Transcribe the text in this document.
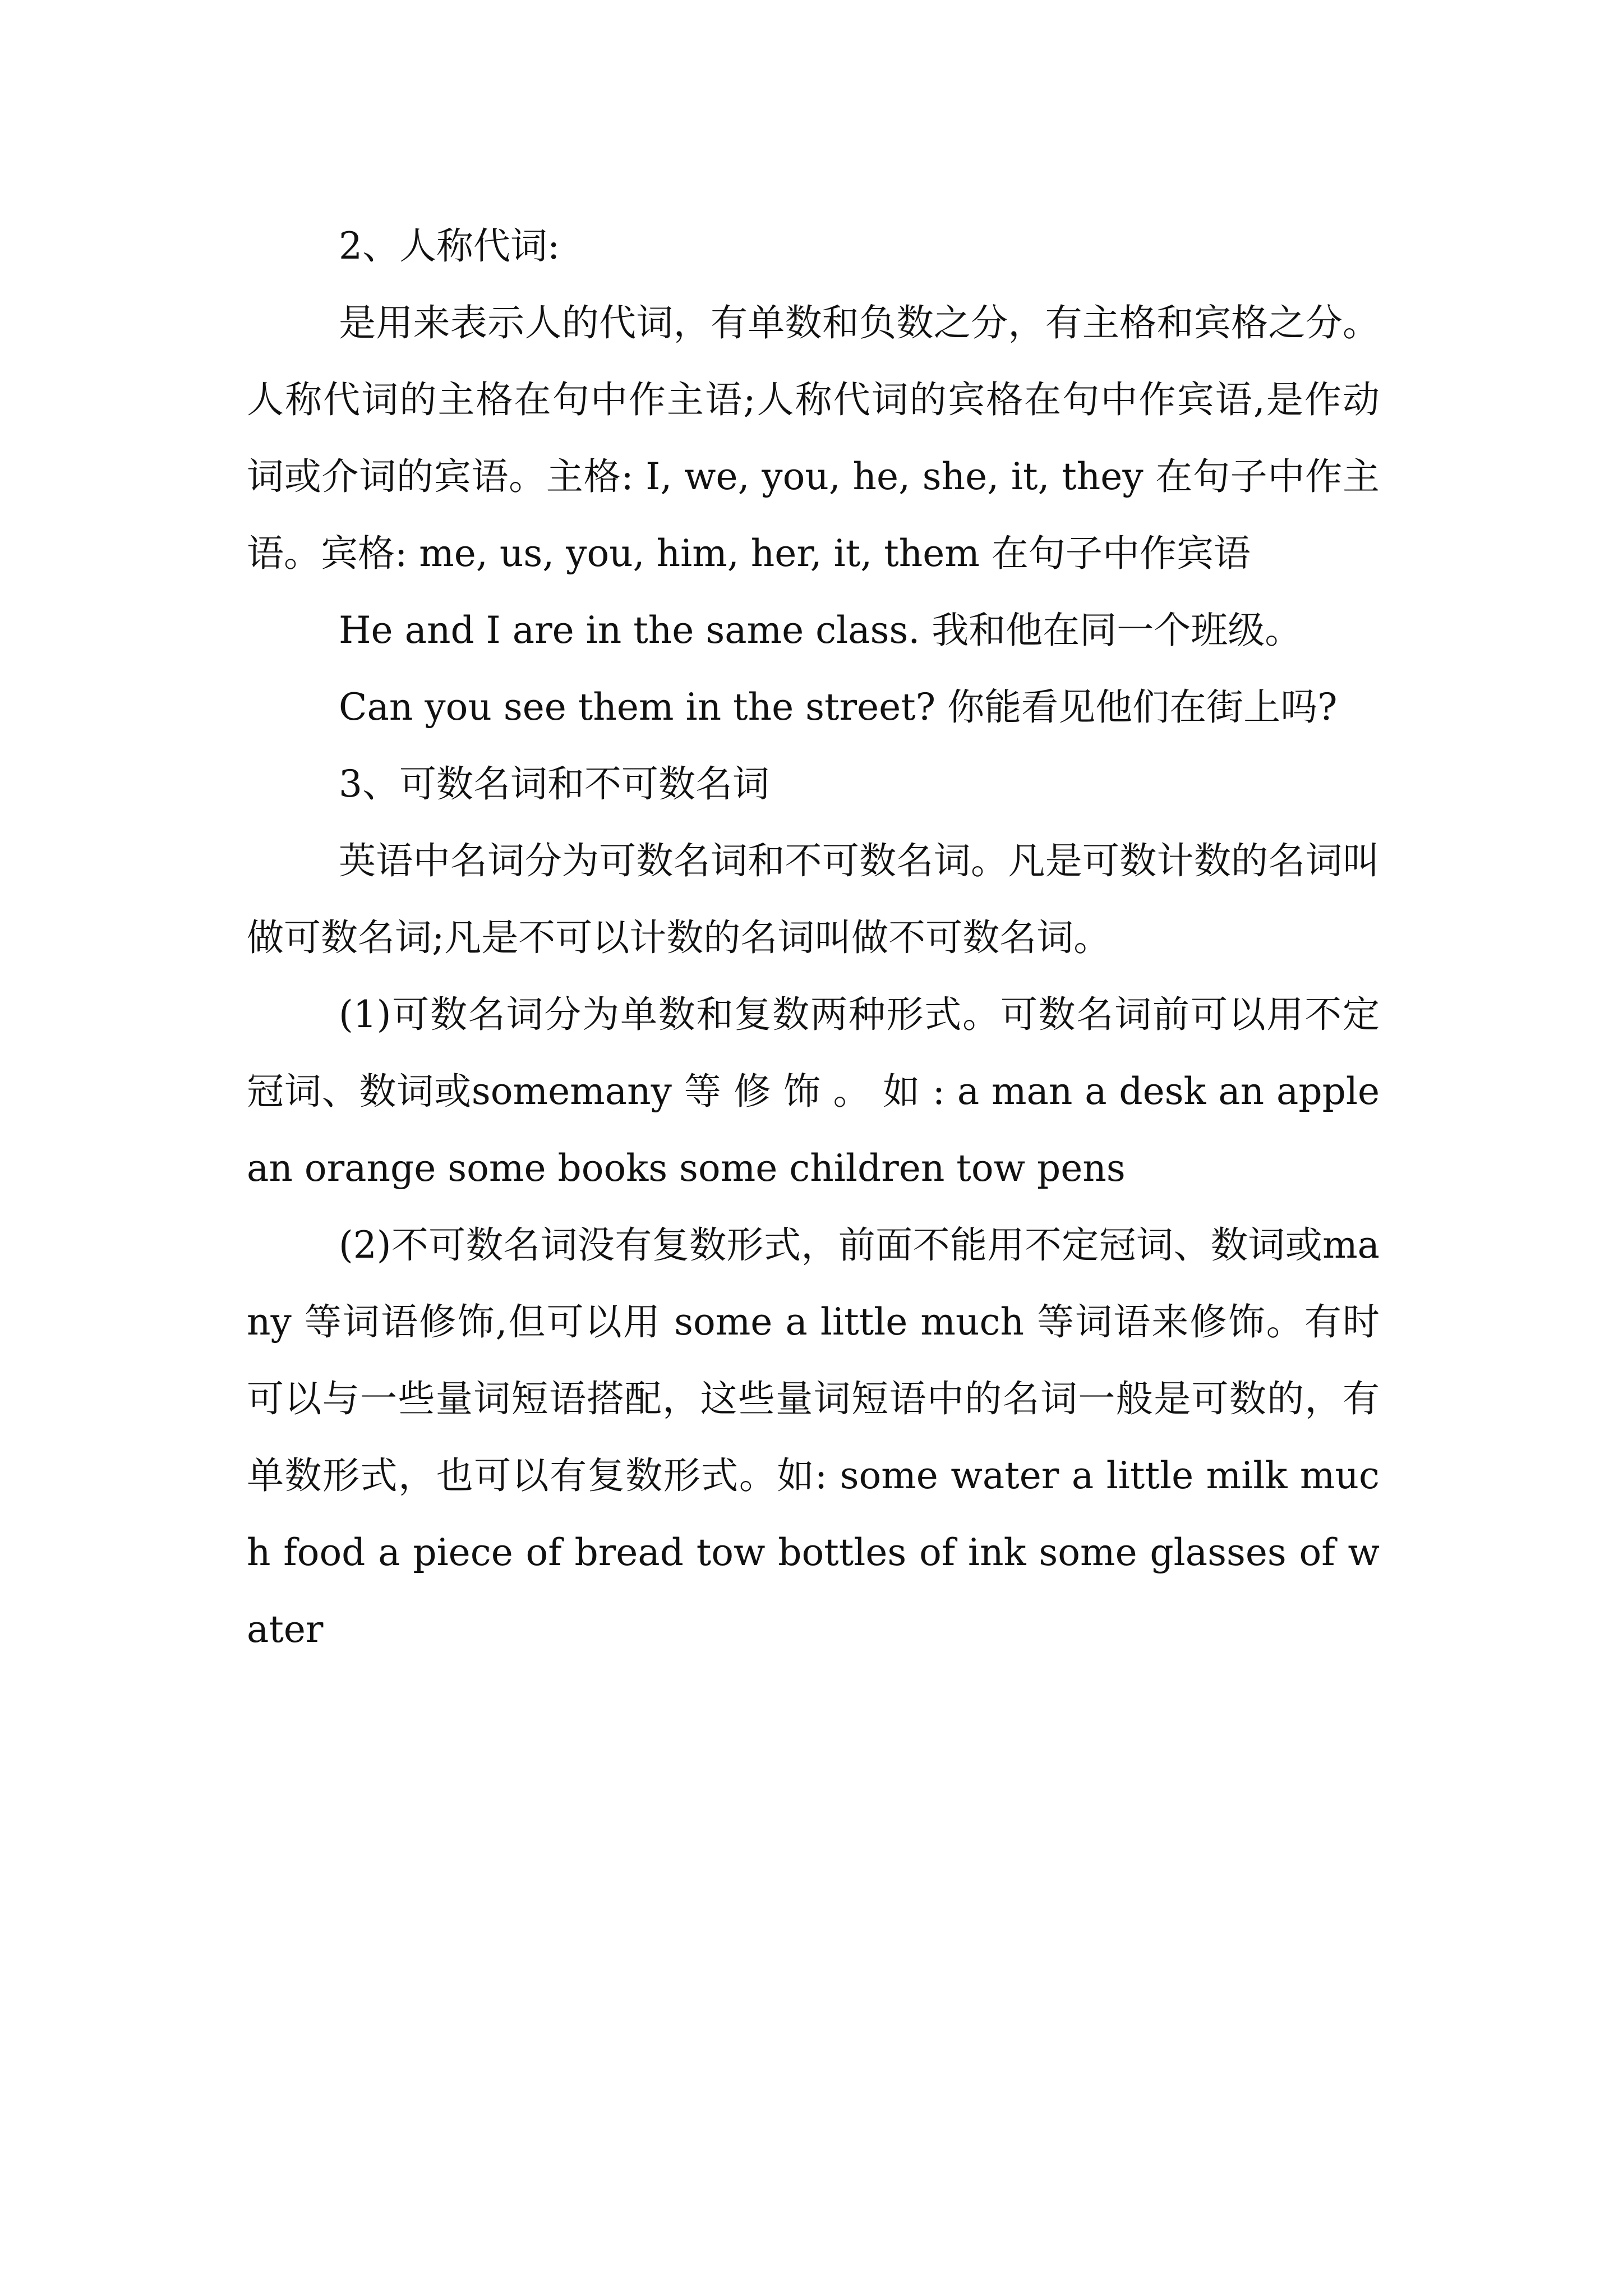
2、人称代词:

是用来表示人的代词，有单数和负数之分，有主格和宾格之分。人称代词的主格在句中作主语;人称代词的宾格在句中作宾语,是作动词或介词的宾语。主格: I, we, you, he, she, it, they 在句子中作主语。宾格: me, us, you, him, her, it, them 在句子中作宾语

He and I are in the same class. 我和他在同一个班级。

Can you see them in the street? 你能看见他们在街上吗?

3、可数名词和不可数名词

英语中名词分为可数名词和不可数名词。凡是可数计数的名词叫做可数名词;凡是不可以计数的名词叫做不可数名词。

(1)可数名词分为单数和复数两种形式。可数名词前可以用不定冠词、数词或somemany 等 修 饰 。 如 : a man a desk an apple an orange some books some children tow pens

(2)不可数名词没有复数形式，前面不能用不定冠词、数词或many 等词语修饰,但可以用 some a little much 等词语来修饰。有时可以与一些量词短语搭配，这些量词短语中的名词一般是可数的，有单数形式，也可以有复数形式。如: some water a little milk much food a piece of bread tow bottles of ink some glasses of water
